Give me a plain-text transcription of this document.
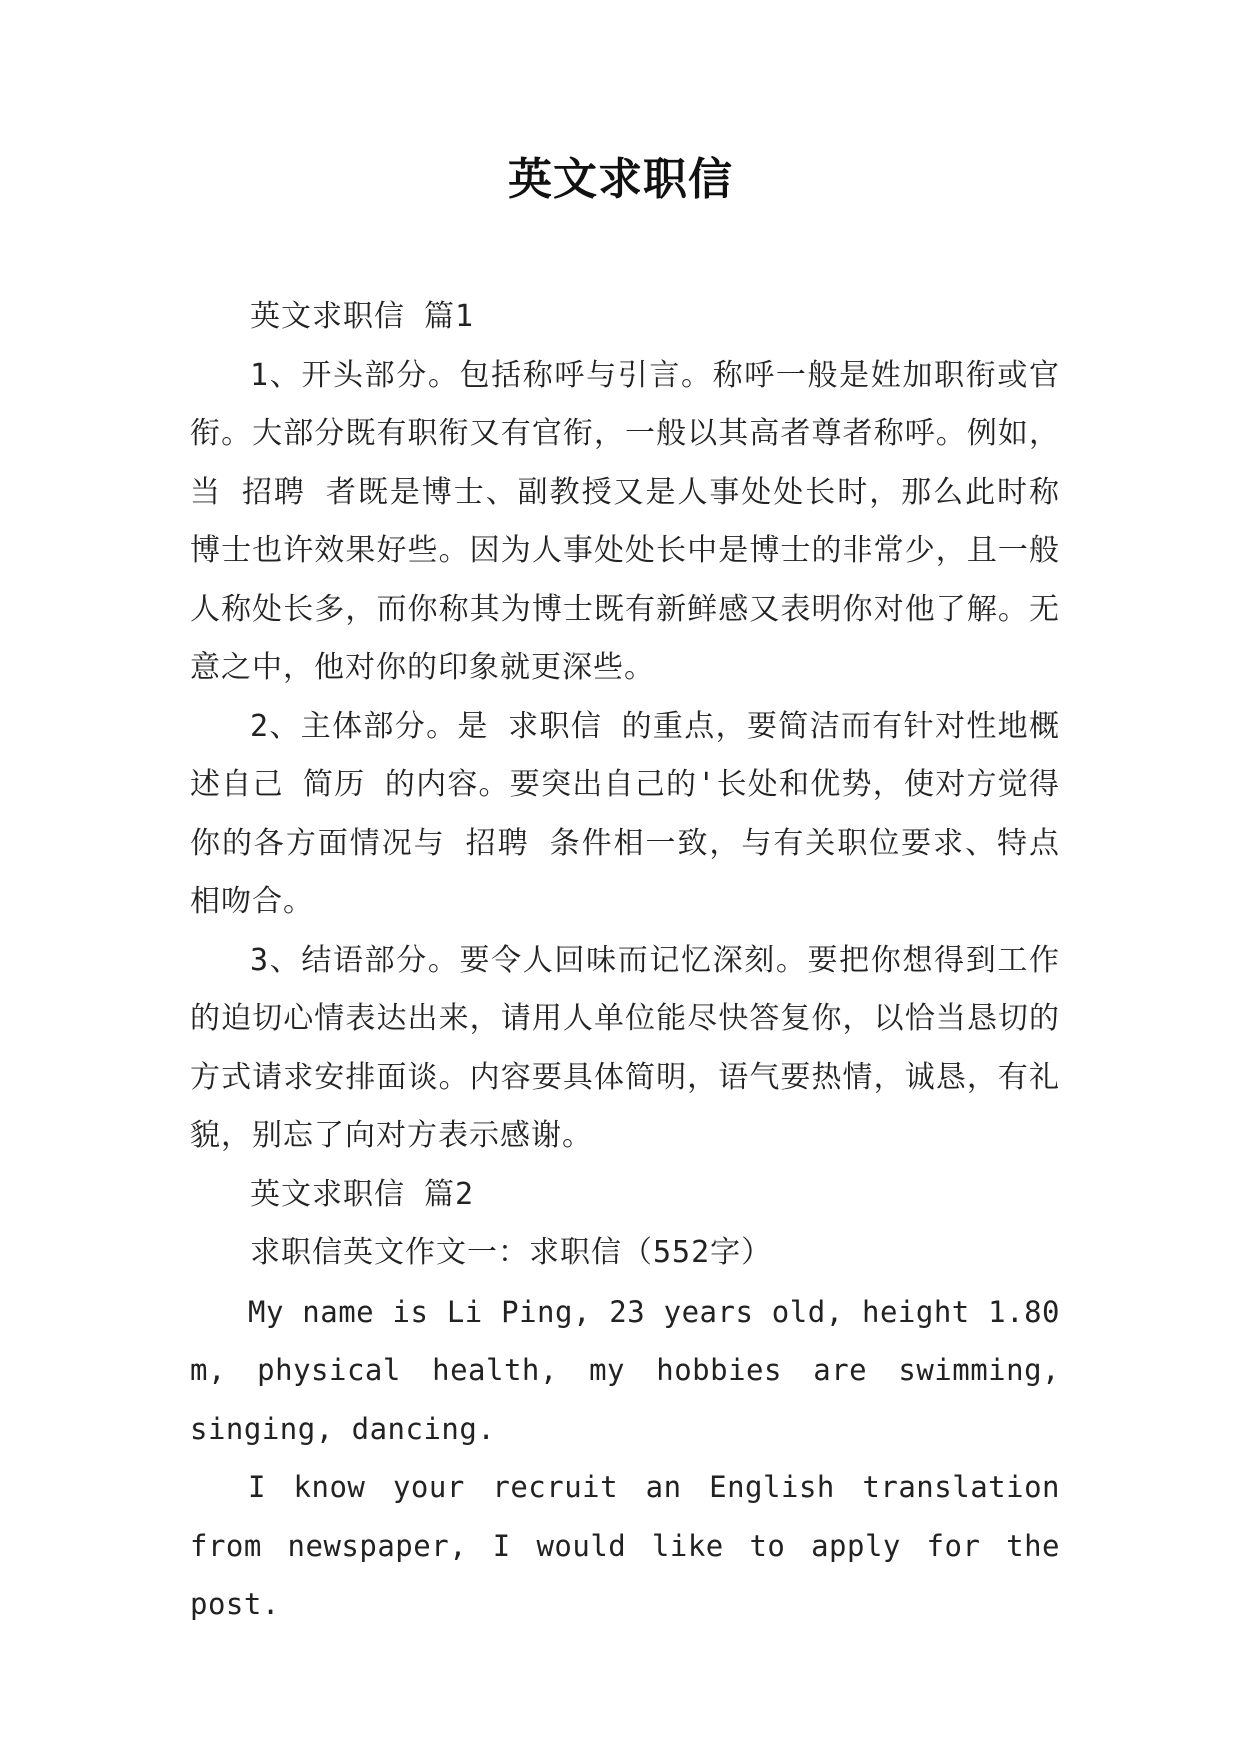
英文求职信

英文求职信 篇1

1、开头部分。包括称呼与引言。称呼一般是姓加职衔或官衔。大部分既有职衔又有官衔，一般以其高者尊者称呼。例如，当 招聘 者既是博士、副教授又是人事处处长时，那么此时称博士也许效果好些。因为人事处处长中是博士的非常少，且一般人称处长多，而你称其为博士既有新鲜感又表明你对他了解。无意之中，他对你的印象就更深些。

2、主体部分。是 求职信 的重点，要简洁而有针对性地概述自己 简历 的内容。要突出自己的'长处和优势，使对方觉得你的各方面情况与 招聘 条件相一致，与有关职位要求、特点相吻合。

3、结语部分。要令人回味而记忆深刻。要把你想得到工作的迫切心情表达出来，请用人单位能尽快答复你，以恰当恳切的方式请求安排面谈。内容要具体简明，语气要热情，诚恳，有礼貌，别忘了向对方表示感谢。

英文求职信 篇2

求职信英文作文一：求职信（552字）

My name is Li Ping, 23 years old, height 1.80 m, physical health, my hobbies are swimming, singing, dancing.

I know your recruit an English translation from newspaper, I would like to apply for the post.
